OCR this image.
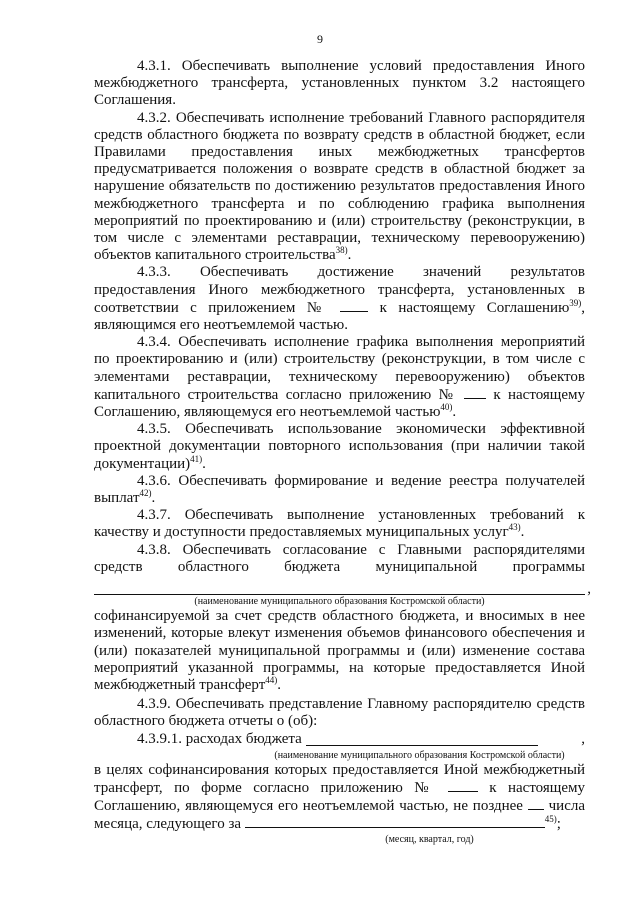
9

4.3.1. Обеспечивать выполнение условий предоставления Иного межбюджетного трансферта, установленных пунктом 3.2 настоящего Соглашения.

4.3.2. Обеспечивать исполнение требований Главного распорядителя средств областного бюджета по возврату средств в областной бюджет, если Правилами предоставления иных межбюджетных трансфертов предусматривается положения о возврате средств в областной бюджет за нарушение обязательств по достижению результатов предоставления Иного межбюджетного трансферта и по соблюдению графика выполнения мероприятий по проектированию и (или) строительству (реконструкции, в том числе с элементами реставрации, техническому перевооружению) объектов капитального строительства$^{38)}$.

4.3.3. Обеспечивать достижение значений результатов предоставления Иного межбюджетного трансферта, установленных в соответствии с приложением №	к настоящему Соглашению$^{39)}$, являющимся его неотъемлемой частью.

4.3.4. Обеспечивать исполнение графика выполнения мероприятий по проектированию и (или) строительству (реконструкции, в том числе с элементами реставрации, техническому перевооружению) объектов капитального строительства согласно приложению № к настоящему Соглашению, являющемуся его неотъемлемой частью$^{40)}$.

4.3.5. Обеспечивать использование экономически эффективной проектной документации повторного использования (при наличии такой документации)$^{41)}$.

4.3.6. Обеспечивать формирование и ведение реестра получателей выплат$^{42)}$.

4.3.7. Обеспечивать выполнение установленных требований к качеству и доступности предоставляемых муниципальных услуг$^{43)}$.

4.3.8. Обеспечивать согласование с Главными распорядителями средств областного бюджета муниципальной программы

,
(наименование муниципального образования Костромской области)

софинансируемой за счет средств областного бюджета, и вносимых в нее изменений, которые влекут изменения объемов финансового обеспечения и (или) показателей муниципальной программы и (или) изменение состава мероприятий указанной программы, на которые предоставляется Иной межбюджетный трансферт$^{44)}$.

4.3.9. Обеспечивать представление Главному распорядителю средств областного бюджета отчеты о (об):

4.3.9.1. расходах бюджета	,
(наименование муниципального образования Костромской области)

в целях софинансирования которых предоставляется Иной межбюджетный трансферт, по форме согласно приложению №	к настоящему Соглашению, являющемуся его неотъемлемой частью, не позднее числа месяца, следующего за	$^{45)}$;

(месяц, квартал, год)
